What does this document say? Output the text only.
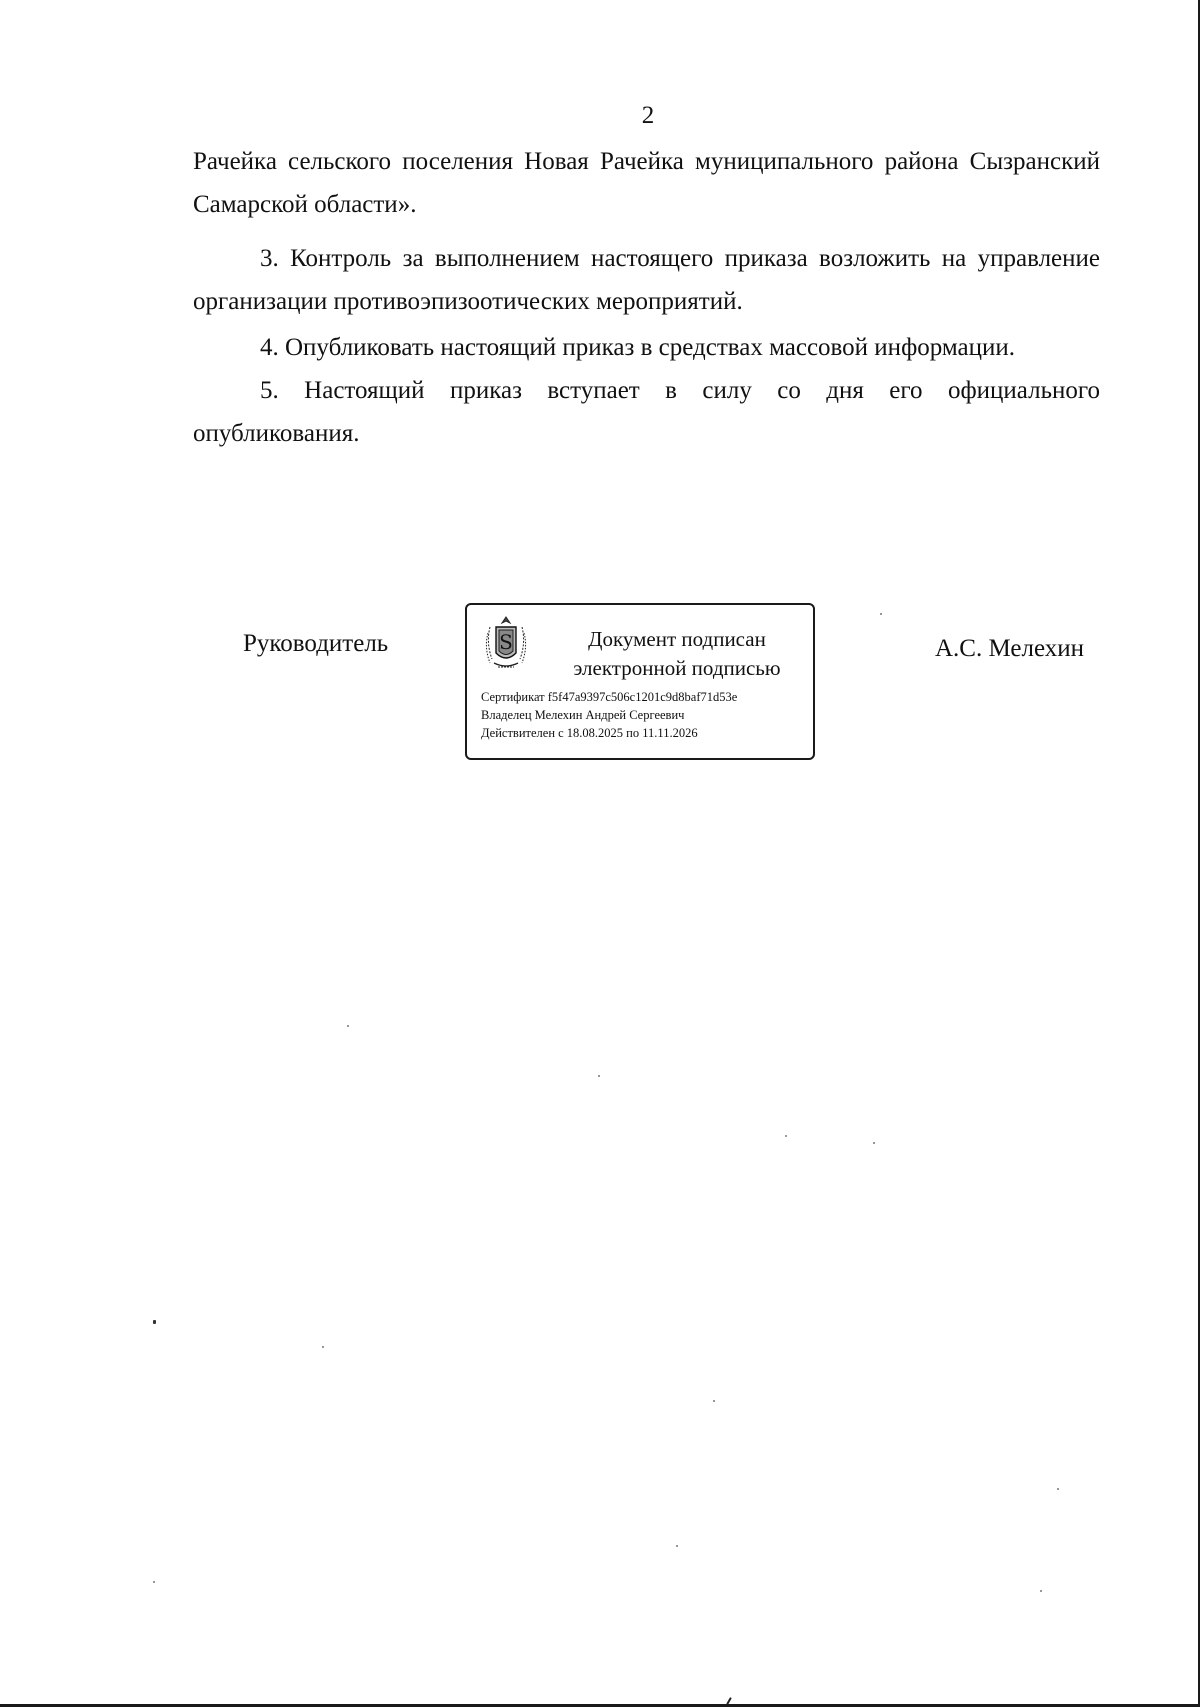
2

Рачейка сельского поселения Новая Рачейка муниципального района Сызранский Самарской области».

3. Контроль за выполнением настоящего приказа возложить на управление организации противоэпизоотических мероприятий.

4. Опубликовать настоящий приказ в средствах массовой информации.

5. Настоящий приказ вступает в силу со дня его официального опубликования.

Руководитель	S	Документ подписан
электронной подписью
Сертификат f5f47a9397c506c1201c9d8baf71d53e
Владелец Мелехин Андрей Сергеевич
Действителен с 18.08.2025 по 11.11.2026
А.С. Мелехин
